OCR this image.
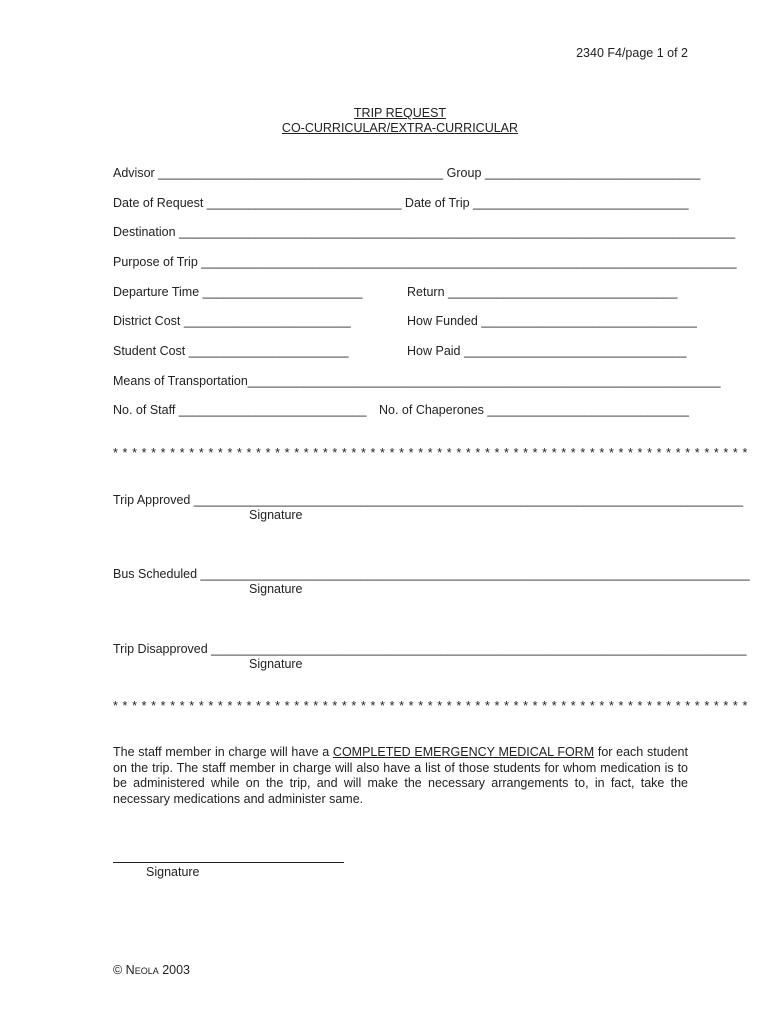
2340 F4/page 1 of 2
TRIP REQUEST
CO-CURRICULAR/EXTRA-CURRICULAR
Advisor _________________________________________ Group _______________________________
Date of Request ____________________________ Date of Trip _______________________________
Destination ________________________________________________________________________________
Purpose of Trip _____________________________________________________________________________
Departure Time _______________________	Return _________________________________
District Cost ________________________	How Funded _______________________________
Student Cost _______________________	How Paid ________________________________
Means of Transportation____________________________________________________________________
No. of Staff ___________________________ No. of Chaperones _____________________________
* * * * * * * * * * * * * * * * * * * * * * * * * * * * * * * * * * * * * * * * * * * * * * * * * * * * * * * * * * * * * * * * * * *
Trip Approved _______________________________________________________________________________
Signature
Bus Scheduled _______________________________________________________________________________
Signature
Trip Disapproved _____________________________________________________________________________
Signature
* * * * * * * * * * * * * * * * * * * * * * * * * * * * * * * * * * * * * * * * * * * * * * * * * * * * * * * * * * * * * * * * * * *
The staff member in charge will have a COMPLETED EMERGENCY MEDICAL FORM for each student on the trip. The staff member in charge will also have a list of those students for whom medication is to be administered while on the trip, and will make the necessary arrangements to, in fact, take the necessary medications and administer same.
Signature
© Neola 2003
